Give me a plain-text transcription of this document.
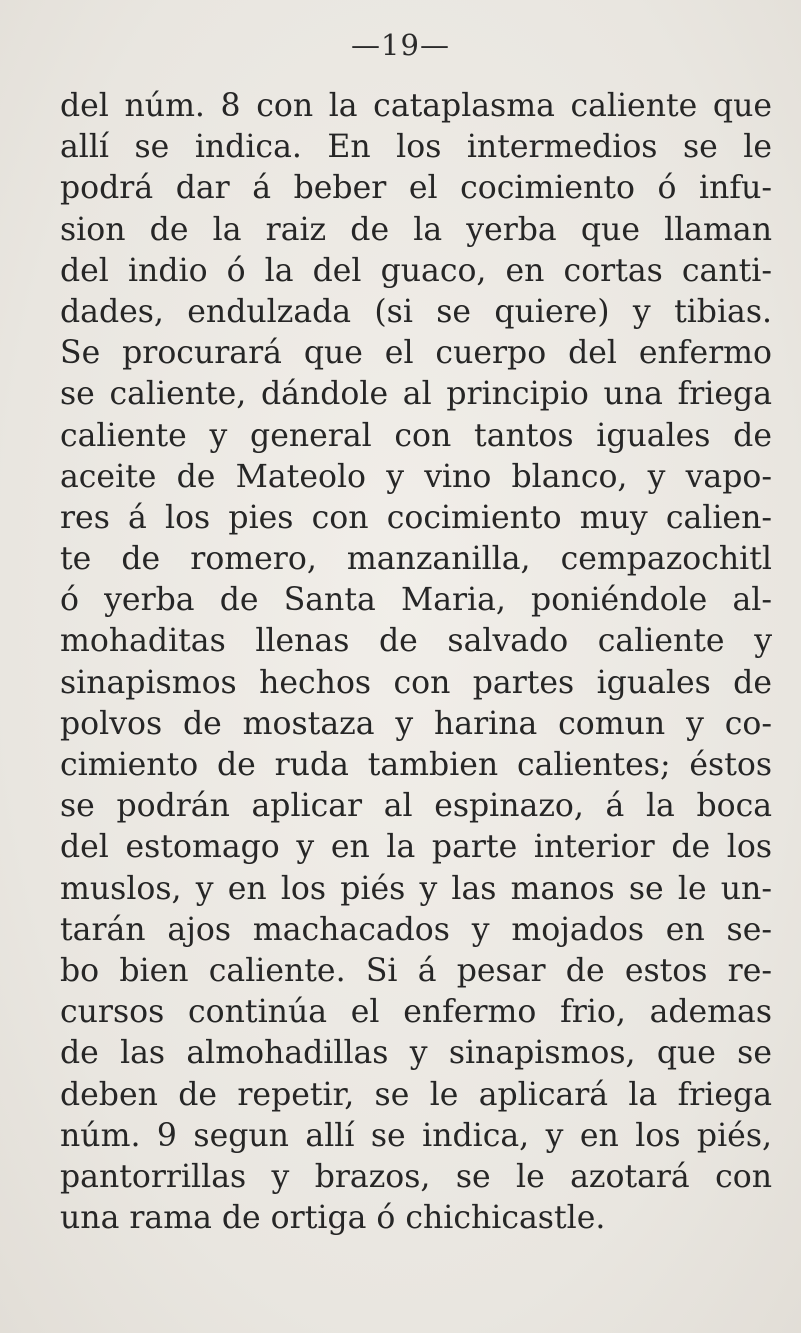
—19—
del núm. 8 con la cataplasma caliente que
allí se indica. En los intermedios se le
podrá dar á beber el cocimiento ó infu-
sion de la raiz de la yerba que llaman
del indio ó la del guaco, en cortas canti-
dades, endulzada (si se quiere) y tibias.
Se procurará que el cuerpo del enfermo
se caliente, dándole al principio una friega
caliente y general con tantos iguales de
aceite de Mateolo y vino blanco, y vapo-
res á los pies con cocimiento muy calien-
te de romero, manzanilla, cempazochitl
ó yerba de Santa Maria, poniéndole al-
mohaditas llenas de salvado caliente y
sinapismos hechos con partes iguales de
polvos de mostaza y harina comun y co-
cimiento de ruda tambien calientes; éstos
se podrán aplicar al espinazo, á la boca
del estomago y en la parte interior de los
muslos, y en los piés y las manos se le un-
tarán ajos machacados y mojados en se-
bo bien caliente. Si á pesar de estos re-
cursos continúa el enfermo frio, ademas
de las almohadillas y sinapismos, que se
deben de repetir, se le aplicará la friega
núm. 9 segun allí se indica, y en los piés,
pantorrillas y brazos, se le azotará con
una rama de ortiga ó chichicastle.
